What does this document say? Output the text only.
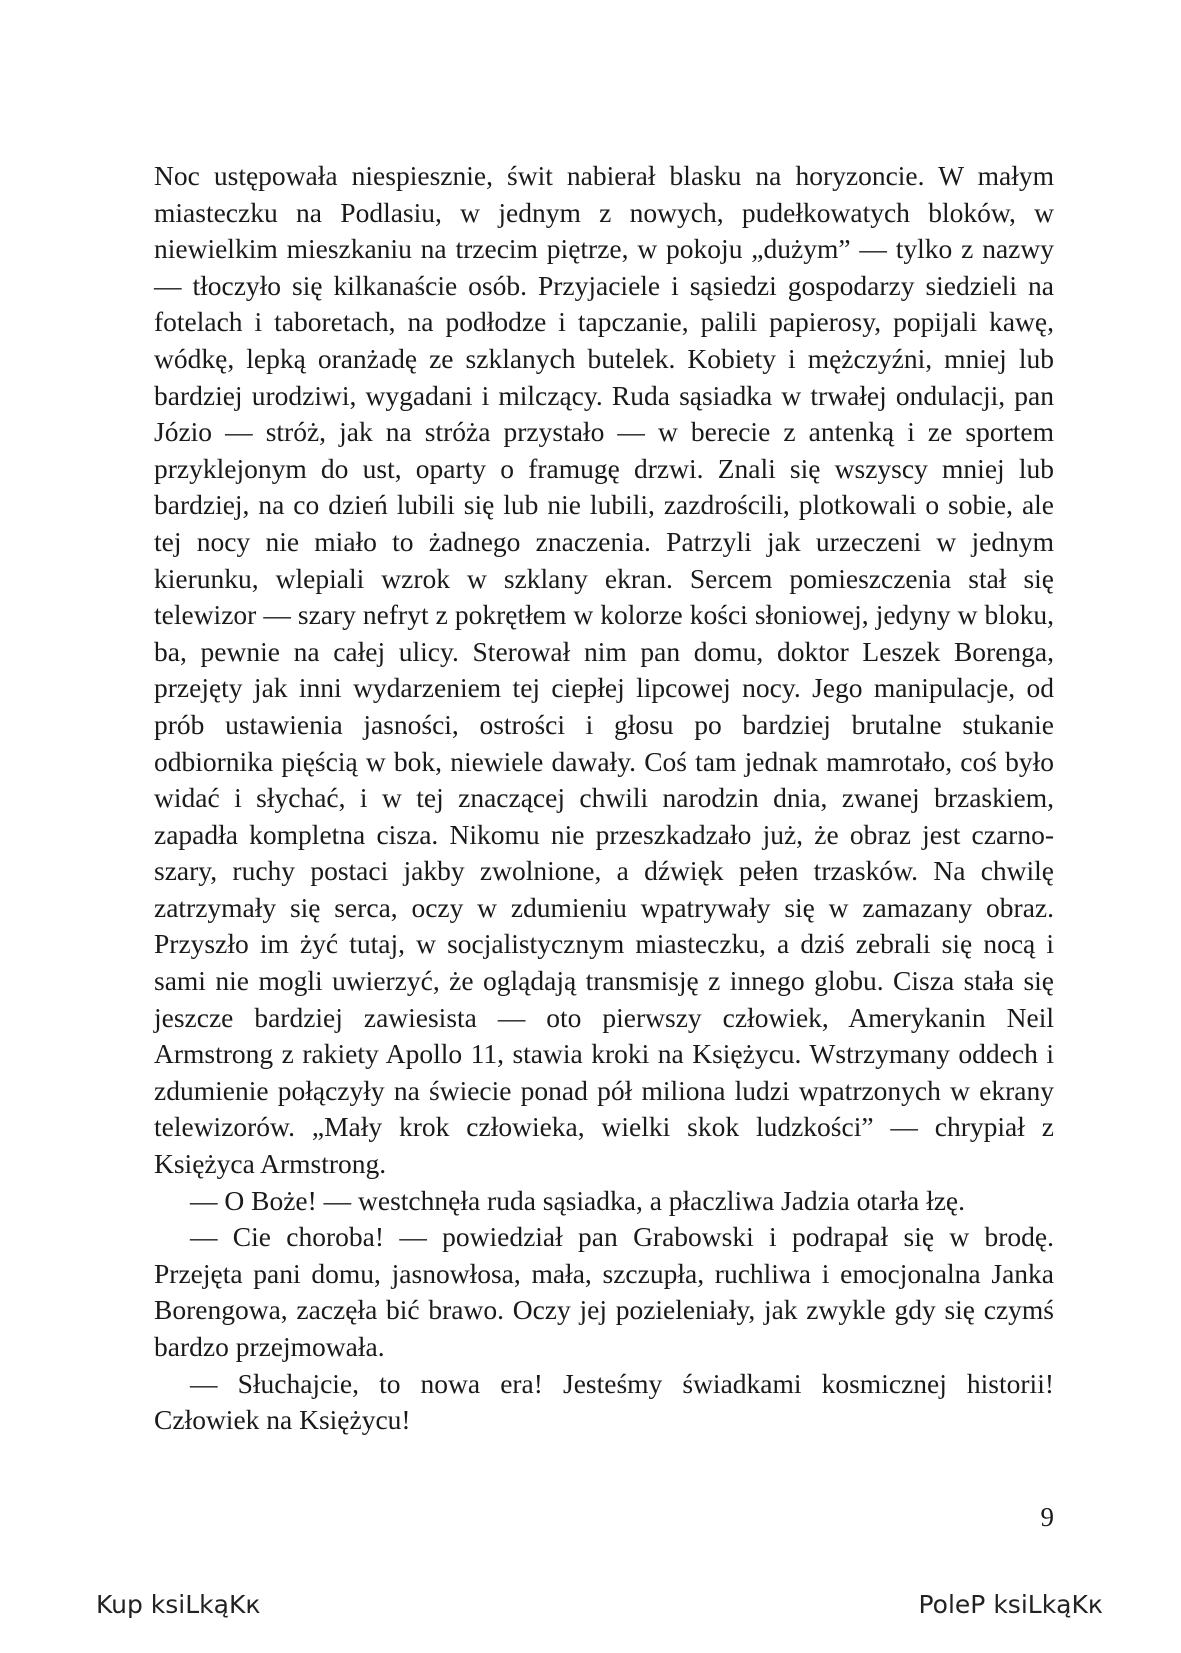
Noc ustępowała niespiesznie, świt nabierał blasku na horyzoncie. W małym miasteczku na Podlasiu, w jednym z nowych, pudełkowatych bloków, w niewielkim mieszkaniu na trzecim piętrze, w pokoju „dużym” — tylko z nazwy — tłoczyło się kilkanaście osób. Przyjaciele i sąsiedzi gospodarzy siedzieli na fotelach i taboretach, na podłodze i tapczanie, palili papierosy, popijali kawę, wódkę, lepką oranżadę ze szklanych butelek. Kobiety i mężczyźni, mniej lub bardziej urodziwi, wygadani i milczący. Ruda sąsiadka w trwałej ondulacji, pan Józio — stróż, jak na stróża przystało — w berecie z antenką i ze sportem przyklejonym do ust, oparty o framugę drzwi. Znali się wszyscy mniej lub bardziej, na co dzień lubili się lub nie lubili, zazdrościli, plotkowali o sobie, ale tej nocy nie miało to żadnego znaczenia. Patrzyli jak urzeczeni w jednym kierunku, wlepiali wzrok w szklany ekran. Sercem pomieszczenia stał się telewizor — szary nefryt z pokrętłem w kolorze kości słoniowej, jedyny w bloku, ba, pewnie na całej ulicy. Sterował nim pan domu, doktor Leszek Borenga, przejęty jak inni wydarzeniem tej ciepłej lipcowej nocy. Jego manipulacje, od prób ustawienia jasności, ostrości i głosu po bardziej brutalne stukanie odbiornika pięścią w bok, niewiele dawały. Coś tam jednak mamrotało, coś było widać i słychać, i w tej znaczącej chwili narodzin dnia, zwanej brzaskiem, zapadła kompletna cisza. Nikomu nie przeszkadzało już, że obraz jest czarno-szary, ruchy postaci jakby zwolnione, a dźwięk pełen trzasków. Na chwilę zatrzymały się serca, oczy w zdumieniu wpatrywały się w zamazany obraz. Przyszło im żyć tutaj, w socjalistycznym miasteczku, a dziś zebrali się nocą i sami nie mogli uwierzyć, że oglądają transmisję z innego globu. Cisza stała się jeszcze bardziej zawiesista — oto pierwszy człowiek, Amerykanin Neil Armstrong z rakiety Apollo 11, stawia kroki na Księżycu. Wstrzymany oddech i zdumienie połączyły na świecie ponad pół miliona ludzi wpatrzonych w ekrany telewizorów. „Mały krok człowieka, wielki skok ludzkości” — chrypiał z Księżyca Armstrong.

— O Boże! — westchnęła ruda sąsiadka, a płaczliwa Jadzia otarła łzę.

— Cie choroba! — powiedział pan Grabowski i podrapał się w brodę. Przejęta pani domu, jasnowłosa, mała, szczupła, ruchliwa i emocjonalna Janka Borengowa, zaczęła bić brawo. Oczy jej pozieleniały, jak zwykle gdy się czymś bardzo przejmowała.

— Słuchajcie, to nowa era! Jesteśmy świadkami kosmicznej historii! Człowiek na Księżycu!

9
Kup ksiLkąKк	PoleP ksiLkąKк
